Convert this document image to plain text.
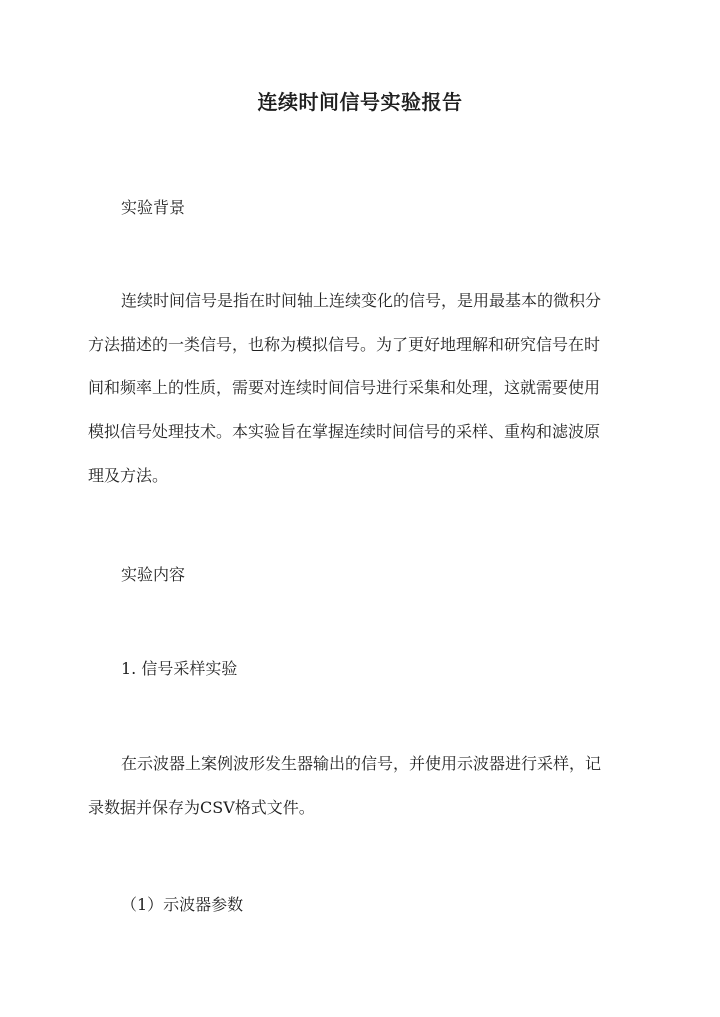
连续时间信号实验报告

实验背景

连续时间信号是指在时间轴上连续变化的信号，是用最基本的微积分

方法描述的一类信号，也称为模拟信号。为了更好地理解和研究信号在时

间和频率上的性质，需要对连续时间信号进行采集和处理，这就需要使用

模拟信号处理技术。本实验旨在掌握连续时间信号的采样、重构和滤波原

理及方法。

实验内容

1. 信号采样实验

在示波器上案例波形发生器输出的信号，并使用示波器进行采样，记

录数据并保存为CSV格式文件。

（1）示波器参数
